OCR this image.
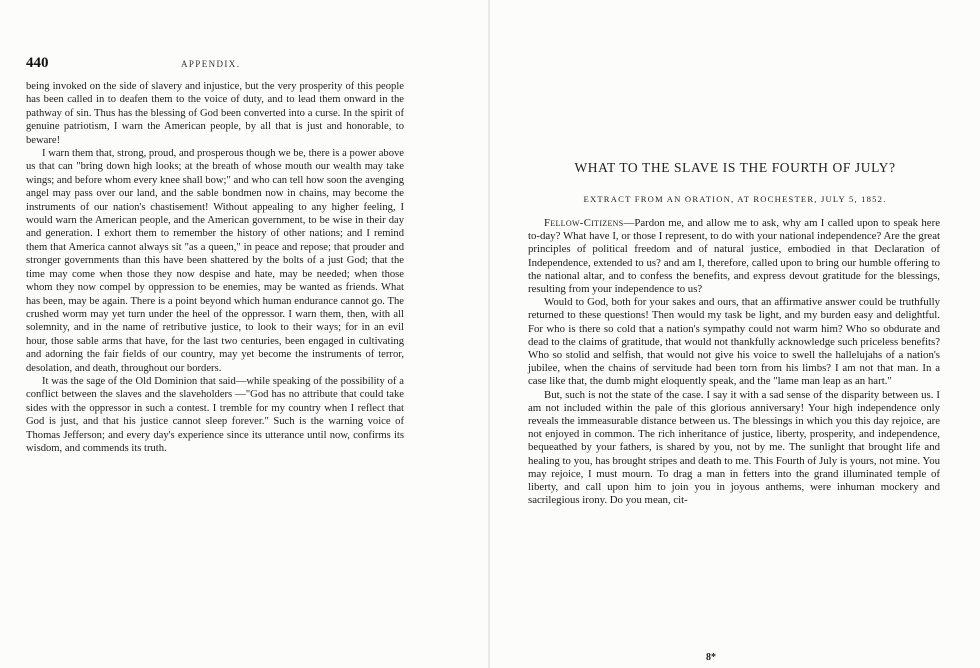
440	APPENDIX.

being invoked on the side of slavery and injustice, but the very prosperity of this people has been called in to deafen them to the voice of duty, and to lead them onward in the pathway of sin. Thus has the blessing of God been converted into a curse. In the spirit of genuine patriotism, I warn the American people, by all that is just and honorable, to beware!

I warn them that, strong, proud, and prosperous though we be, there is a power above us that can "bring down high looks; at the breath of whose mouth our wealth may take wings; and before whom every knee shall bow;" and who can tell how soon the avenging angel may pass over our land, and the sable bondmen now in chains, may become the instruments of our nation's chastisement! Without appealing to any higher feeling, I would warn the American people, and the American government, to be wise in their day and generation. I exhort them to remember the history of other nations; and I remind them that America cannot always sit "as a queen," in peace and repose; that prouder and stronger governments than this have been shattered by the bolts of a just God; that the time may come when those they now despise and hate, may be needed; when those whom they now compel by oppression to be enemies, may be wanted as friends. What has been, may be again. There is a point beyond which human endurance cannot go. The crushed worm may yet turn under the heel of the oppressor. I warn them, then, with all solemnity, and in the name of retributive justice, to look to their ways; for in an evil hour, those sable arms that have, for the last two centuries, been engaged in cultivating and adorning the fair fields of our country, may yet become the instruments of terror, desolation, and death, throughout our borders.

It was the sage of the Old Dominion that said—while speaking of the possibility of a conflict between the slaves and the slaveholders —"God has no attribute that could take sides with the oppressor in such a contest. I tremble for my country when I reflect that God is just, and that his justice cannot sleep forever." Such is the warning voice of Thomas Jefferson; and every day's experience since its utterance until now, confirms its wisdom, and commends its truth.

WHAT TO THE SLAVE IS THE FOURTH OF JULY?
EXTRACT FROM AN ORATION, AT ROCHESTER, JULY 5, 1852.

Fellow-Citizens—Pardon me, and allow me to ask, why am I called upon to speak here to-day? What have I, or those I represent, to do with your national independence? Are the great principles of political freedom and of natural justice, embodied in that Declaration of Independence, extended to us? and am I, therefore, called upon to bring our humble offering to the national altar, and to confess the benefits, and express devout gratitude for the blessings, resulting from your independence to us?

Would to God, both for your sakes and ours, that an affirmative answer could be truthfully returned to these questions! Then would my task be light, and my burden easy and delightful. For who is there so cold that a nation's sympathy could not warm him? Who so obdurate and dead to the claims of gratitude, that would not thankfully acknowledge such priceless benefits? Who so stolid and selfish, that would not give his voice to swell the hallelujahs of a nation's jubilee, when the chains of servitude had been torn from his limbs? I am not that man. In a case like that, the dumb might eloquently speak, and the "lame man leap as an hart."

But, such is not the state of the case. I say it with a sad sense of the disparity between us. I am not included within the pale of this glorious anniversary! Your high independence only reveals the immeasurable distance between us. The blessings in which you this day rejoice, are not enjoyed in common. The rich inheritance of justice, liberty, prosperity, and independence, bequeathed by your fathers, is shared by you, not by me. The sunlight that brought life and healing to you, has brought stripes and death to me. This Fourth of July is yours, not mine. You may rejoice, I must mourn. To drag a man in fetters into the grand illuminated temple of liberty, and call upon him to join you in joyous anthems, were inhuman mockery and sacrilegious irony. Do you mean, cit-

8*
